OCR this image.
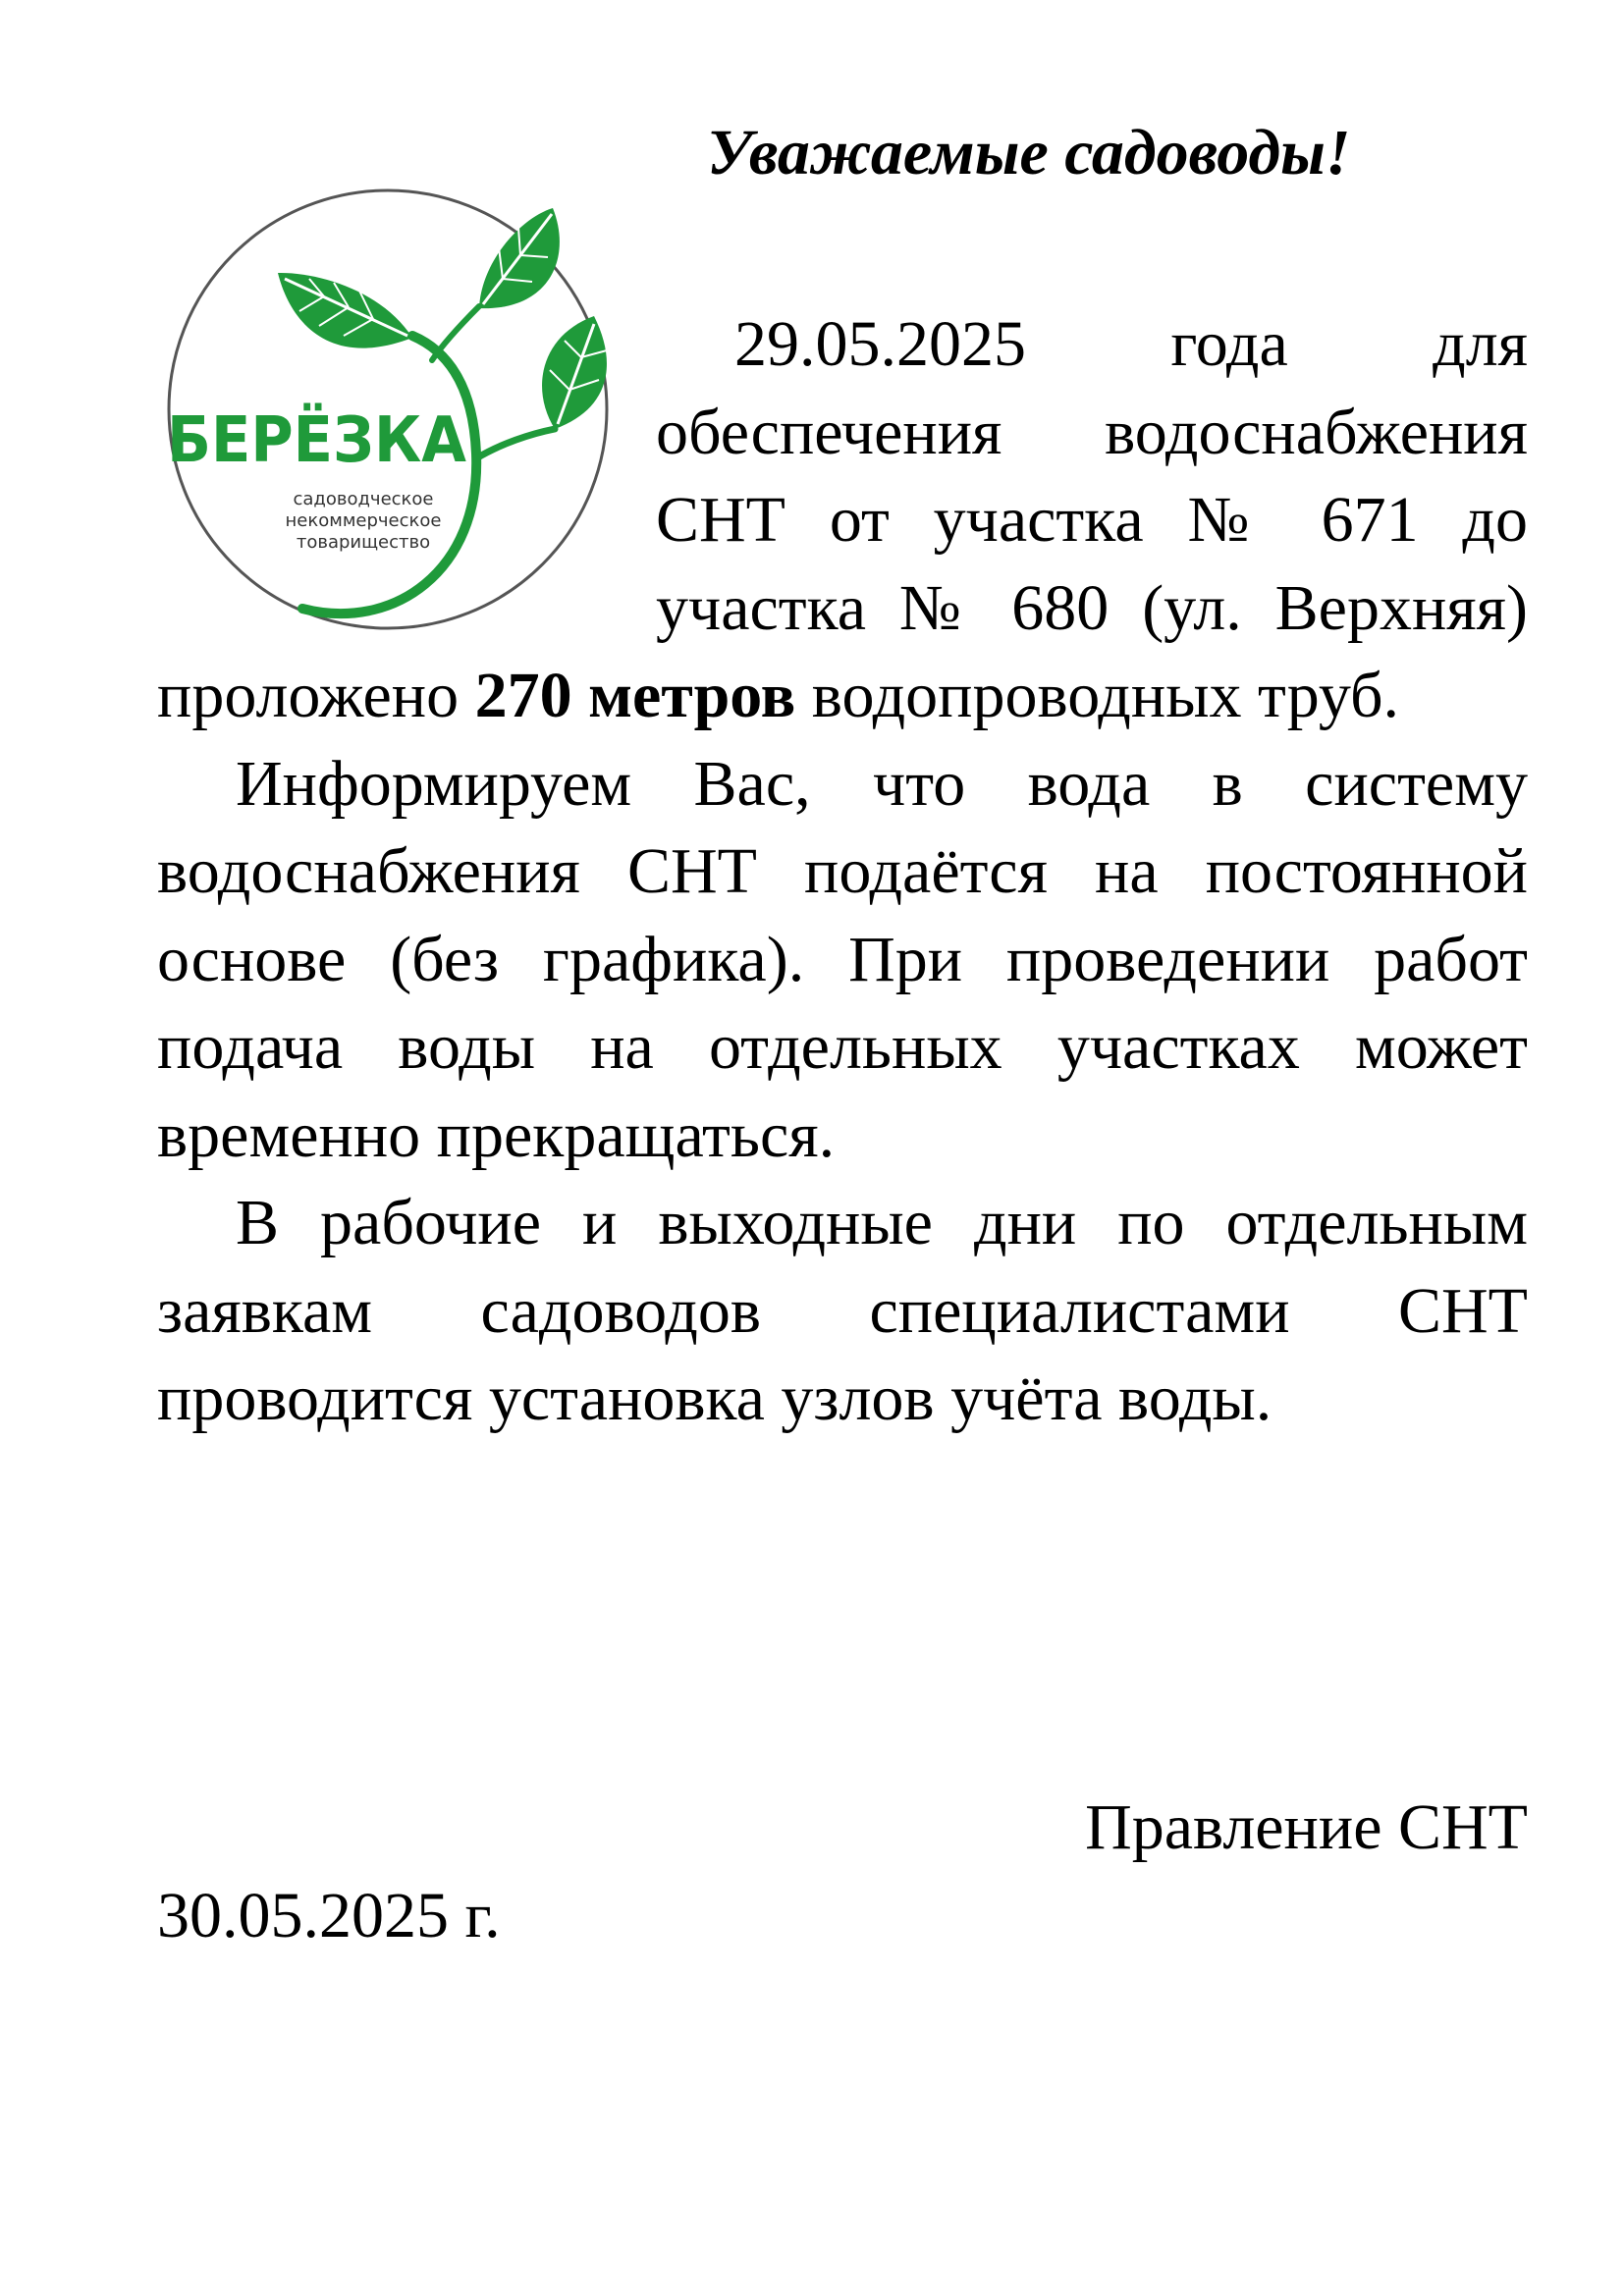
Уважаемые садоводы!
БЕРЁЗКА
садоводческое
некоммерческое
товарищество

29.05.2025 года для обеспечения водоснабжения СНТ от участка № 671 до участка № 680 (ул. Верхняя) проложено 270 метров водопроводных труб.

Информируем Вас, что вода в систему водоснабжения СНТ подаётся на постоянной основе (без графика). При проведении работ подача воды на отдельных участках может временно прекращаться.

В рабочие и выходные дни по отдельным заявкам садоводов специалистами СНТ проводится установка узлов учёта воды.

Правление СНТ
30.05.2025 г.
